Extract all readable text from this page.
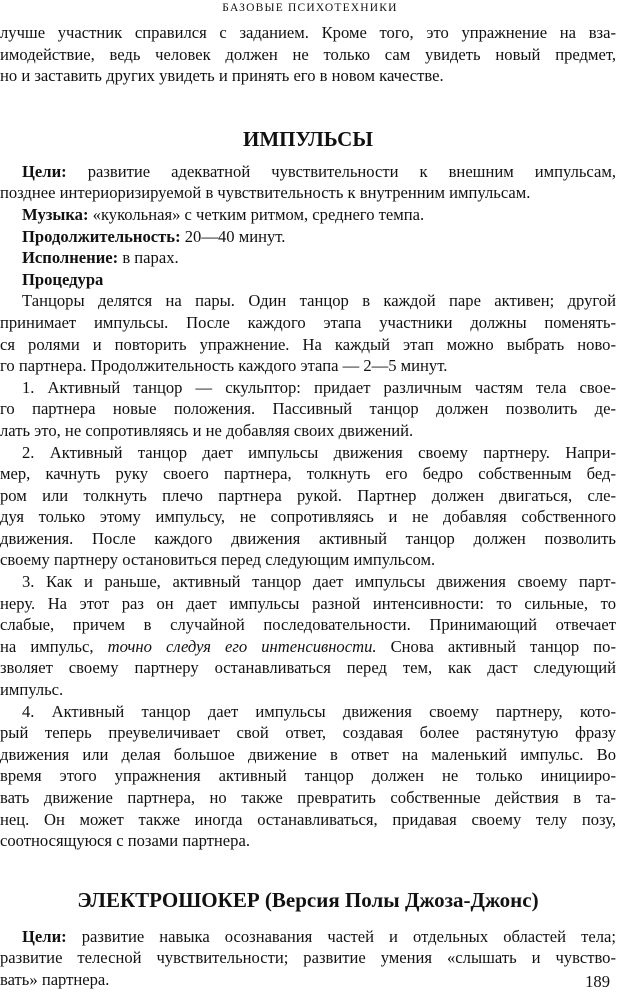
БАЗОВЫЕ ПСИХОТЕХНИКИ
лучше участник справился с заданием. Кроме того, это упражнение на вза-
имодействие, ведь человек должен не только сам увидеть новый предмет,
но и заставить других увидеть и принять его в новом качестве.
ИМПУЛЬСЫ
Цели: развитие адекватной чувствительности к внешним импульсам,
позднее интериоризируемой в чувствительность к внутренним импульсам.
Музыка: «кукольная» с четким ритмом, среднего темпа.
Продолжительность: 20—40 минут.
Исполнение: в парах.
Процедура
Танцоры делятся на пары. Один танцор в каждой паре активен; другой
принимает импульсы. После каждого этапа участники должны поменять-
ся ролями и повторить упражнение. На каждый этап можно выбрать ново-
го партнера. Продолжительность каждого этапа — 2—5 минут.
1. Активный танцор — скульптор: придает различным частям тела свое-
го партнера новые положения. Пассивный танцор должен позволить де-
лать это, не сопротивляясь и не добавляя своих движений.
2. Активный танцор дает импульсы движения своему партнеру. Напри-
мер, качнуть руку своего партнера, толкнуть его бедро собственным бед-
ром или толкнуть плечо партнера рукой. Партнер должен двигаться, сле-
дуя только этому импульсу, не сопротивляясь и не добавляя собственного
движения. После каждого движения активный танцор должен позволить
своему партнеру остановиться перед следующим импульсом.
3. Как и раньше, активный танцор дает импульсы движения своему парт-
неру. На этот раз он дает импульсы разной интенсивности: то сильные, то
слабые, причем в случайной последовательности. Принимающий отвечает
на импульс, точно следуя его интенсивности. Снова активный танцор по-
зволяет своему партнеру останавливаться перед тем, как даст следующий
импульс.
4. Активный танцор дает импульсы движения своему партнеру, кото-
рый теперь преувеличивает свой ответ, создавая более растянутую фразу
движения или делая большое движение в ответ на маленький импульс. Во
время этого упражнения активный танцор должен не только иницииро-
вать движение партнера, но также превратить собственные действия в та-
нец. Он может также иногда останавливаться, придавая своему телу позу,
соотносящуюся с позами партнера.
ЭЛЕКТРОШОКЕР (Версия Полы Джоза-Джонс)
Цели: развитие навыка осознавания частей и отдельных областей тела;
развитие телесной чувствительности; развитие умения «слышать и чувство-
вать» партнера.	189
